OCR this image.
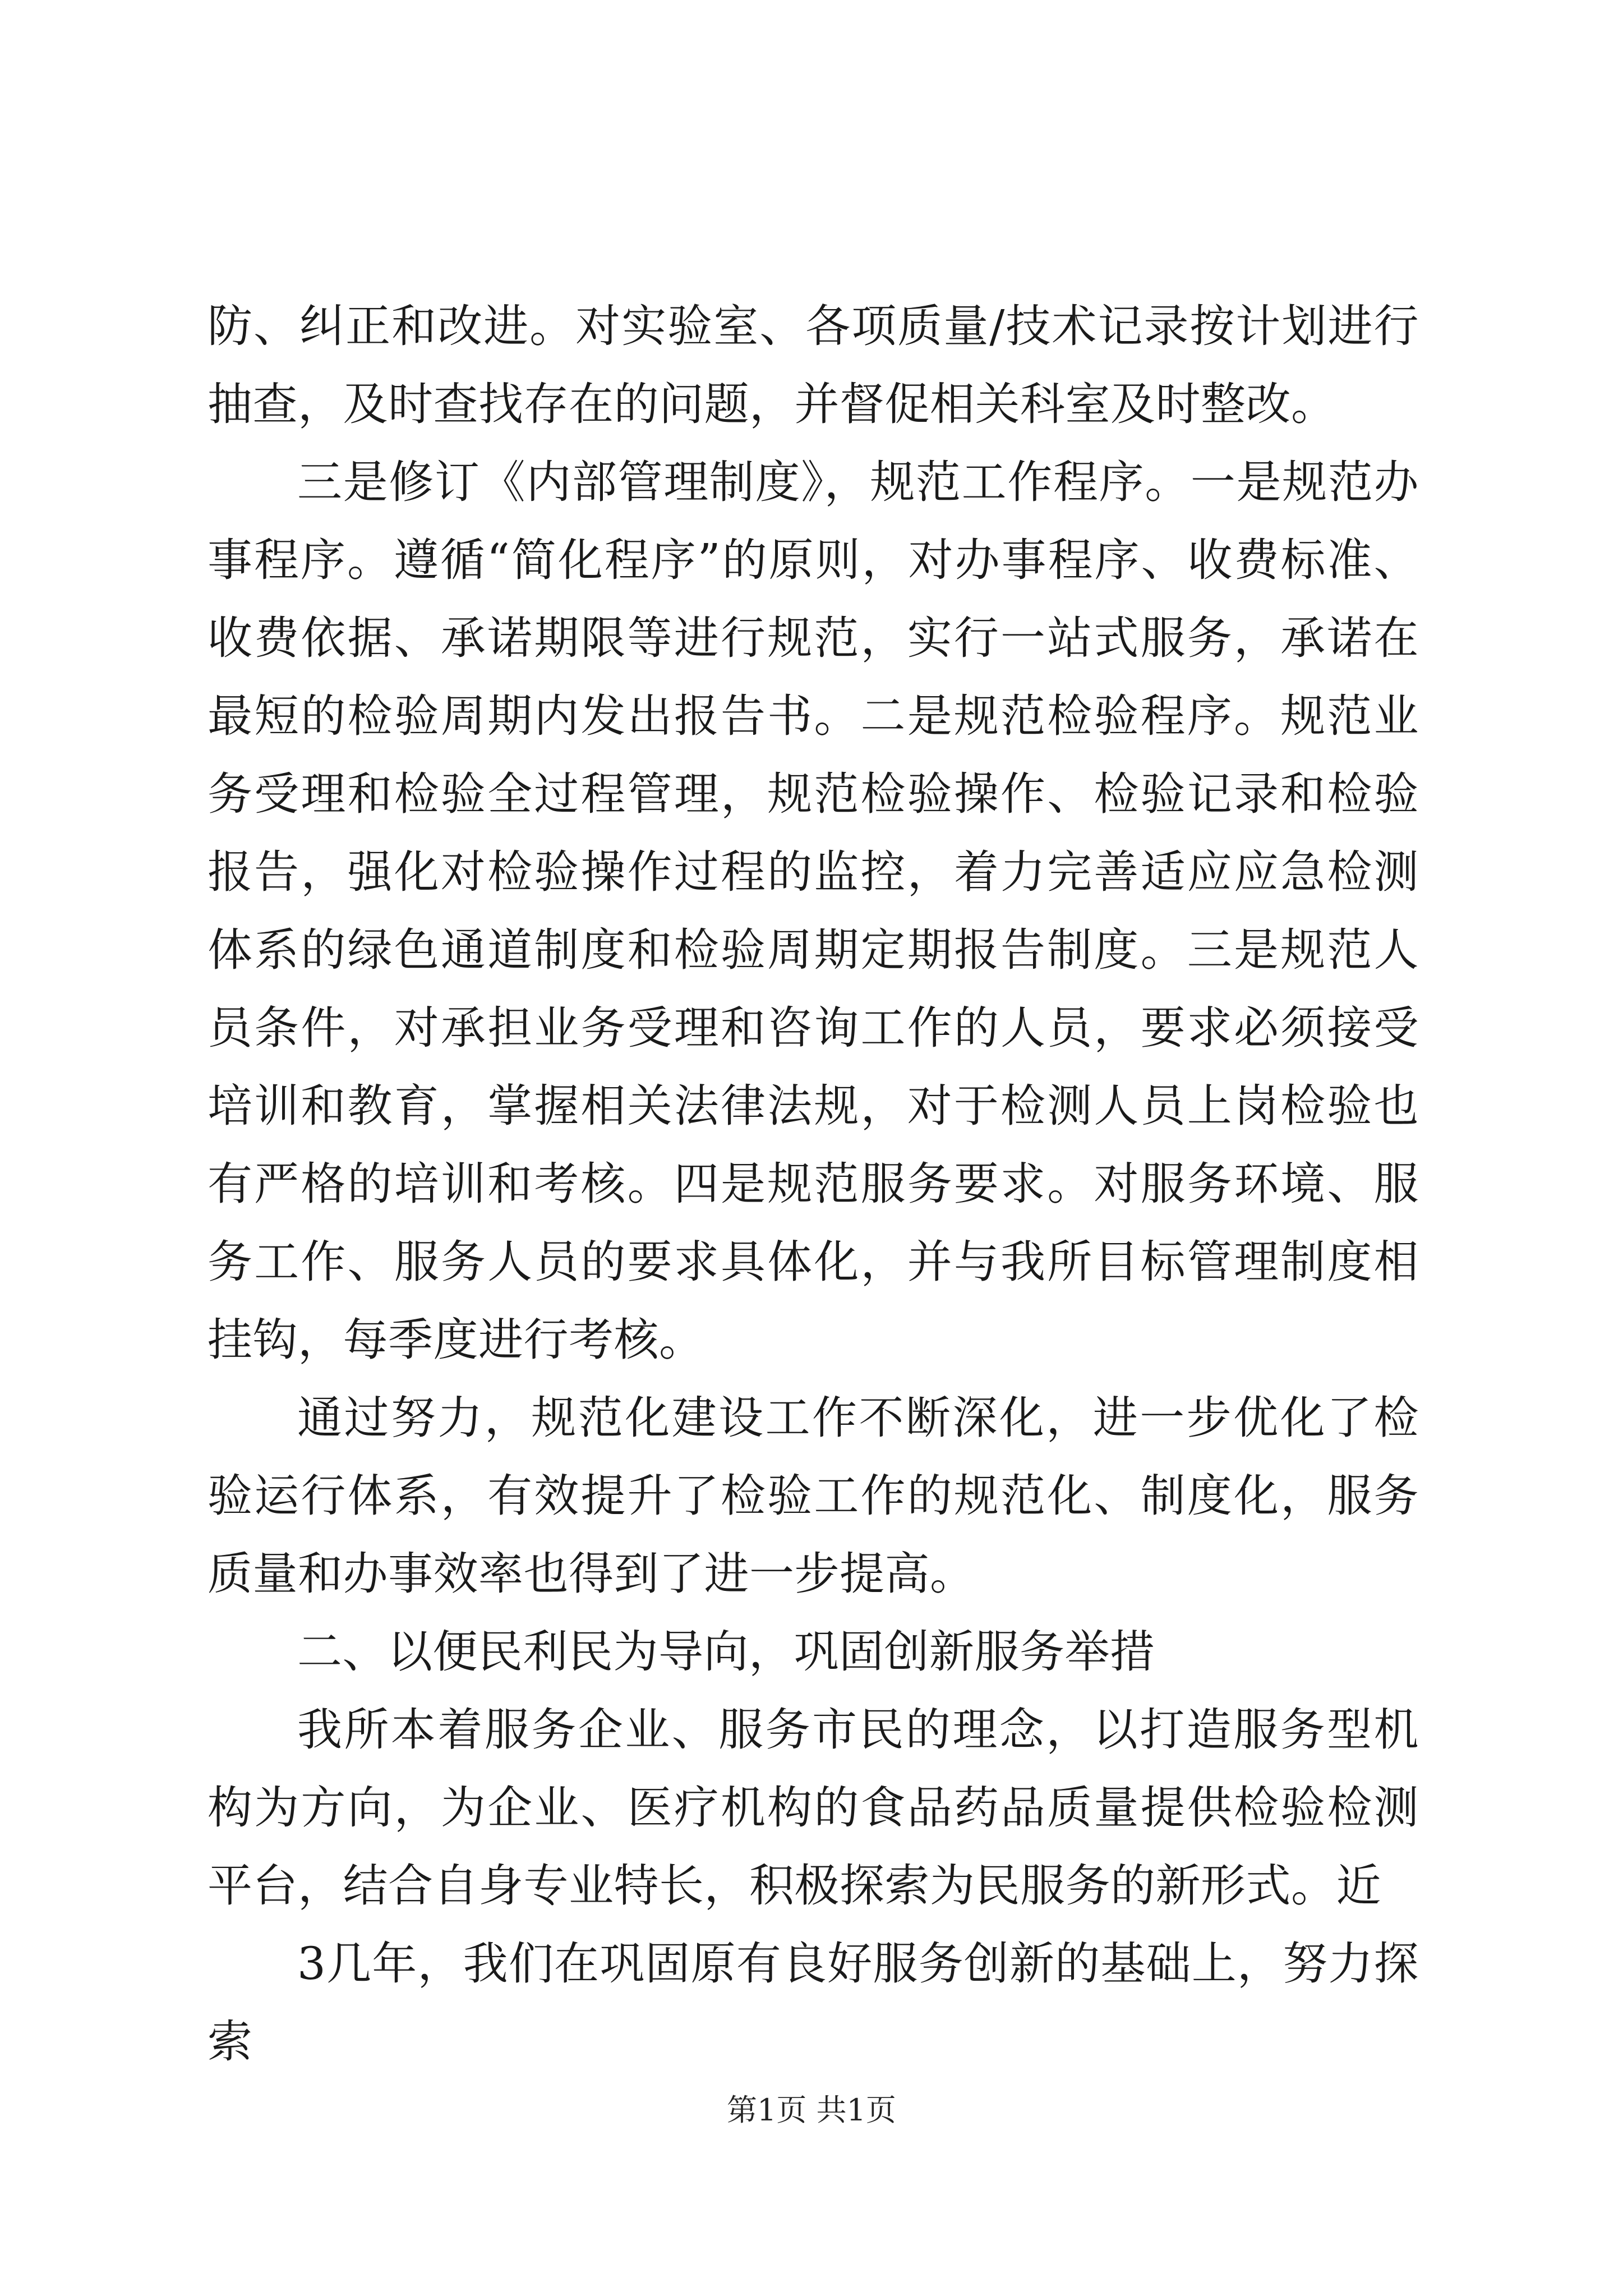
防、纠正和改进。对实验室、各项质量/技术记录按计划进行抽查，及时查找存在的问题，并督促相关科室及时整改。

三是修订《内部管理制度》，规范工作程序。一是规范办事程序。遵循“简化程序”的原则，对办事程序、收费标准、收费依据、承诺期限等进行规范，实行一站式服务，承诺在最短的检验周期内发出报告书。二是规范检验程序。规范业务受理和检验全过程管理，规范检验操作、检验记录和检验报告，强化对检验操作过程的监控，着力完善适应应急检测体系的绿色通道制度和检验周期定期报告制度。三是规范人员条件，对承担业务受理和咨询工作的人员，要求必须接受培训和教育，掌握相关法律法规，对于检测人员上岗检验也有严格的培训和考核。四是规范服务要求。对服务环境、服务工作、服务人员的要求具体化，并与我所目标管理制度相挂钩，每季度进行考核。

通过努力，规范化建设工作不断深化，进一步优化了检验运行体系，有效提升了检验工作的规范化、制度化，服务质量和办事效率也得到了进一步提高。

二、以便民利民为导向，巩固创新服务举措

我所本着服务企业、服务市民的理念，以打造服务型机构为方向，为企业、医疗机构的食品药品质量提供检验检测平台，结合自身专业特长，积极探索为民服务的新形式。近

3几年，我们在巩固原有良好服务创新的基础上，努力探索

第1页 共1页
